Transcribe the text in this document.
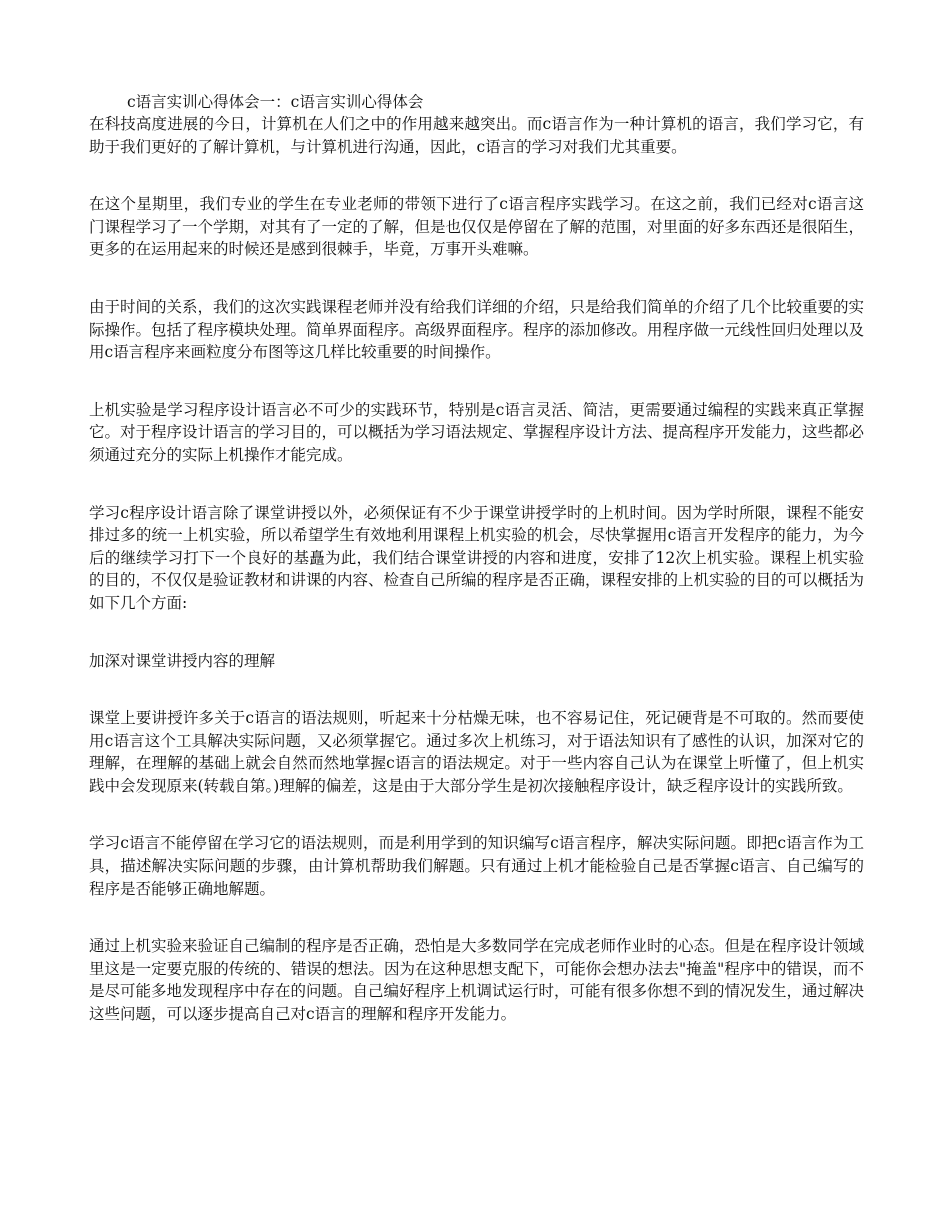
c语言实训心得体会一：c语言实训心得体会

在科技高度进展的今日，计算机在人们之中的作用越来越突出。而c语言作为一种计算机的语言，我们学习它，有助于我们更好的了解计算机，与计算机进行沟通，因此，c语言的学习对我们尤其重要。

在这个星期里，我们专业的学生在专业老师的带领下进行了c语言程序实践学习。在这之前，我们已经对c语言这门课程学习了一个学期，对其有了一定的了解，但是也仅仅是停留在了解的范围，对里面的好多东西还是很陌生，更多的在运用起来的时候还是感到很棘手，毕竟，万事开头难嘛。

由于时间的关系，我们的这次实践课程老师并没有给我们详细的介绍，只是给我们简单的介绍了几个比较重要的实际操作。包括了程序模块处理。简单界面程序。高级界面程序。程序的添加修改。用程序做一元线性回归处理以及用c语言程序来画粒度分布图等这几样比较重要的时间操作。

上机实验是学习程序设计语言必不可少的实践环节，特别是c语言灵活、简洁，更需要通过编程的实践来真正掌握它。对于程序设计语言的学习目的，可以概括为学习语法规定、掌握程序设计方法、提高程序开发能力，这些都必须通过充分的实际上机操作才能完成。

学习c程序设计语言除了课堂讲授以外，必须保证有不少于课堂讲授学时的上机时间。因为学时所限，课程不能安排过多的统一上机实验，所以希望学生有效地利用课程上机实验的机会，尽快掌握用c语言开发程序的能力，为今后的继续学习打下一个良好的基矗为此，我们结合课堂讲授的内容和进度，安排了12次上机实验。课程上机实验的目的，不仅仅是验证教材和讲课的内容、检查自己所编的程序是否正确，课程安排的上机实验的目的可以概括为如下几个方面:

加深对课堂讲授内容的理解

课堂上要讲授许多关于c语言的语法规则，听起来十分枯燥无味，也不容易记住，死记硬背是不可取的。然而要使用c语言这个工具解决实际问题，又必须掌握它。通过多次上机练习，对于语法知识有了感性的认识，加深对它的理解，在理解的基础上就会自然而然地掌握c语言的语法规定。对于一些内容自己认为在课堂上听懂了，但上机实践中会发现原来(转载自第。)理解的偏差，这是由于大部分学生是初次接触程序设计，缺乏程序设计的实践所致。

学习c语言不能停留在学习它的语法规则，而是利用学到的知识编写c语言程序，解决实际问题。即把c语言作为工具，描述解决实际问题的步骤，由计算机帮助我们解题。只有通过上机才能检验自己是否掌握c语言、自己编写的程序是否能够正确地解题。

通过上机实验来验证自己编制的程序是否正确，恐怕是大多数同学在完成老师作业时的心态。但是在程序设计领域里这是一定要克服的传统的、错误的想法。因为在这种思想支配下，可能你会想办法去"掩盖"程序中的错误，而不是尽可能多地发现程序中存在的问题。自己编好程序上机调试运行时，可能有很多你想不到的情况发生，通过解决这些问题，可以逐步提高自己对c语言的理解和程序开发能力。
